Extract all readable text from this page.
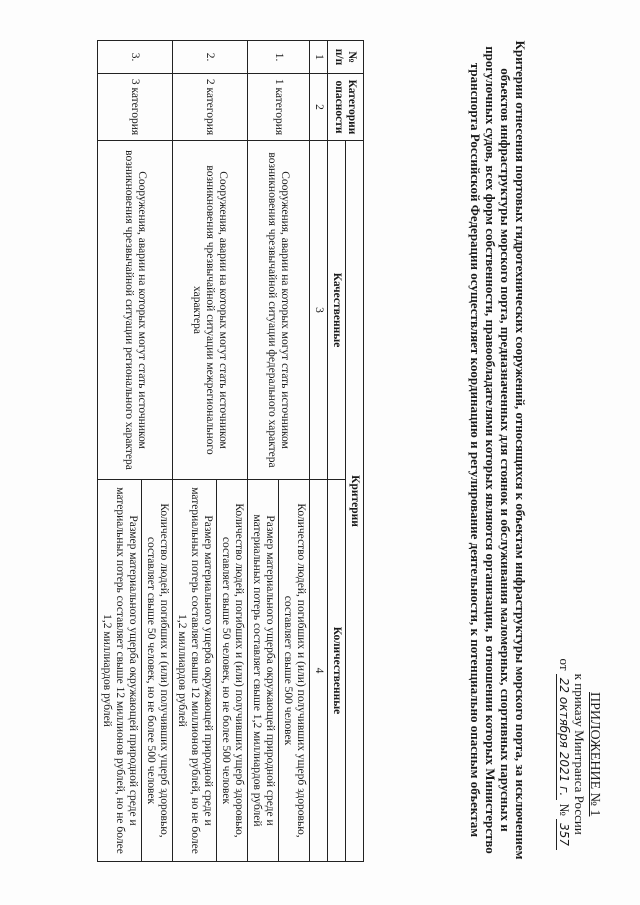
ПРИЛОЖЕНИЕ № 1
к приказу Минтранса России
от 22 октября 2021 г. № 357
Критерии отнесения портовых гидротехнических сооружений, относящихся к объектам инфраструктуры морского порта, за исключением объектов инфраструктуры морского порта, предназначенных для стоянок и обслуживания маломерных, спортивных парусных и прогулочных судов, всех форм собственности, правообладателями которых являются организации, в отношении которых Министерство транспорта Российской Федерации осуществляет координацию и регулирование деятельности, к потенциально опасным объектам
№ п/п	Категории опасности	Критерии	
		Качественные	Количественные
1	2	3	4
1.	1 категория	Сооружения, аварии на которых могут стать источником возникновения чрезвычайной ситуации федерального характера	Количество людей, погибших и (или) получивших ущерб здоровью, составляет свыше 500 человек
			Размер материального ущерба окружающей природной среде и материальных потерь составляет свыше 1,2 миллиардов рублей
2.	2 категория	Сооружения, аварии на которых могут стать источником возникновения чрезвычайной ситуации межрегионального характера	Количество людей, погибших и (или) получивших ущерб здоровью, составляет свыше 50 человек, но не более 500 человек
			Размер материального ущерба окружающей природной среде и материальных потерь составляет свыше 12 миллионов рублей, но не более 1,2 миллиардов рублей
3.	3 категория	Сооружения, аварии на которых могут стать источником возникновения чрезвычайной ситуации регионального характера	Количество людей, погибших и (или) получивших ущерб здоровью, составляет свыше 50 человек, но не более 500 человек
			Размер материального ущерба окружающей природной среде и материальных потерь составляет свыше 12 миллионов рублей, но не более 1,2 миллиардов рублей
